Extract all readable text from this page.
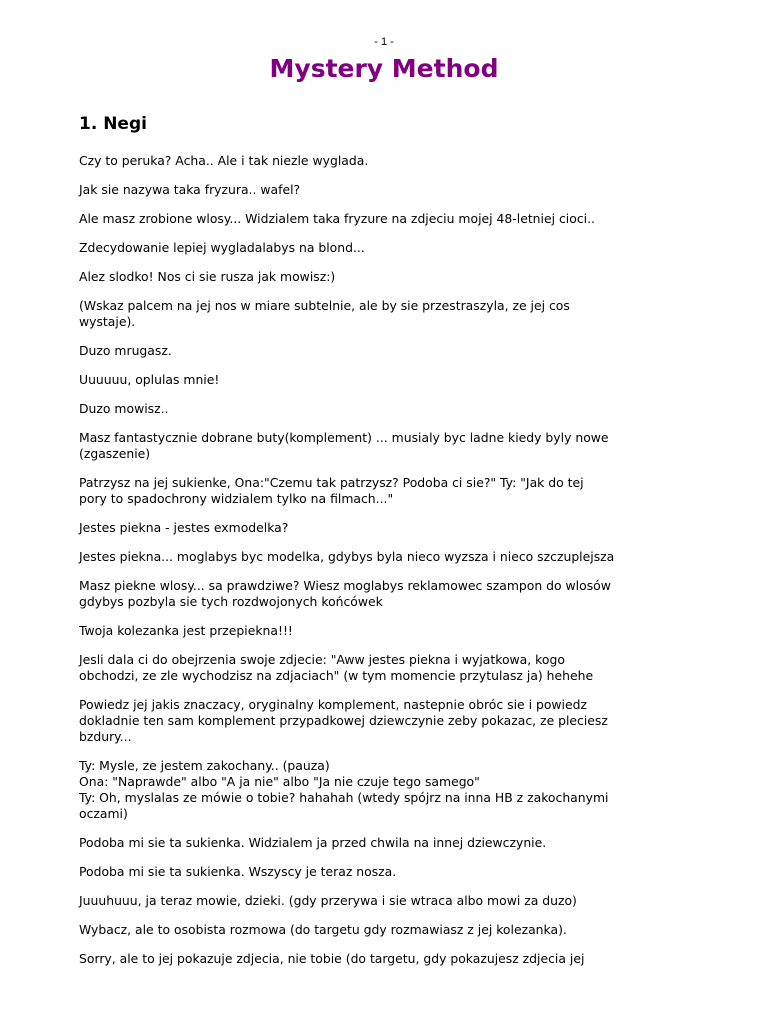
- 1 -
Mystery Method
1. Negi

Czy to peruka? Acha.. Ale i tak niezle wyglada.

Jak sie nazywa taka fryzura.. wafel?

Ale masz zrobione wlosy... Widzialem taka fryzure na zdjeciu mojej 48-letniej cioci..

Zdecydowanie lepiej wygladalabys na blond...

Alez slodko! Nos ci sie rusza jak mowisz:)

(Wskaz palcem na jej nos w miare subtelnie, ale by sie przestraszyla, ze jej cos
wystaje).

Duzo mrugasz.

Uuuuuu, oplulas mnie!

Duzo mowisz..

Masz fantastycznie dobrane buty(komplement) ... musialy byc ladne kiedy byly nowe
(zgaszenie)

Patrzysz na jej sukienke, Ona:"Czemu tak patrzysz? Podoba ci sie?" Ty: "Jak do tej
pory to spadochrony widzialem tylko na filmach..."

Jestes piekna - jestes exmodelka?

Jestes piekna... moglabys byc modelka, gdybys byla nieco wyzsza i nieco szczuplejsza

Masz piekne wlosy... sa prawdziwe? Wiesz moglabys reklamowec szampon do wlosów
gdybys pozbyla sie tych rozdwojonych końcówek

Twoja kolezanka jest przepiekna!!!

Jesli dala ci do obejrzenia swoje zdjecie: "Aww jestes piekna i wyjatkowa, kogo
obchodzi, ze zle wychodzisz na zdjaciach" (w tym momencie przytulasz ja) hehehe

Powiedz jej jakis znaczacy, oryginalny komplement, nastepnie obróc sie i powiedz
dokladnie ten sam komplement przypadkowej dziewczynie zeby pokazac, ze pleciesz
bzdury...

Ty: Mysle, ze jestem zakochany.. (pauza)
Ona: "Naprawde" albo "A ja nie" albo "Ja nie czuje tego samego"
Ty: Oh, myslalas ze mówie o tobie? hahahah (wtedy spójrz na inna HB z zakochanymi
oczami)

Podoba mi sie ta sukienka. Widzialem ja przed chwila na innej dziewczynie.

Podoba mi sie ta sukienka. Wszyscy je teraz nosza.

Juuuhuuu, ja teraz mowie, dzieki. (gdy przerywa i sie wtraca albo mowi za duzo)

Wybacz, ale to osobista rozmowa (do targetu gdy rozmawiasz z jej kolezanka).

Sorry, ale to jej pokazuje zdjecia, nie tobie (do targetu, gdy pokazujesz zdjecia jej
